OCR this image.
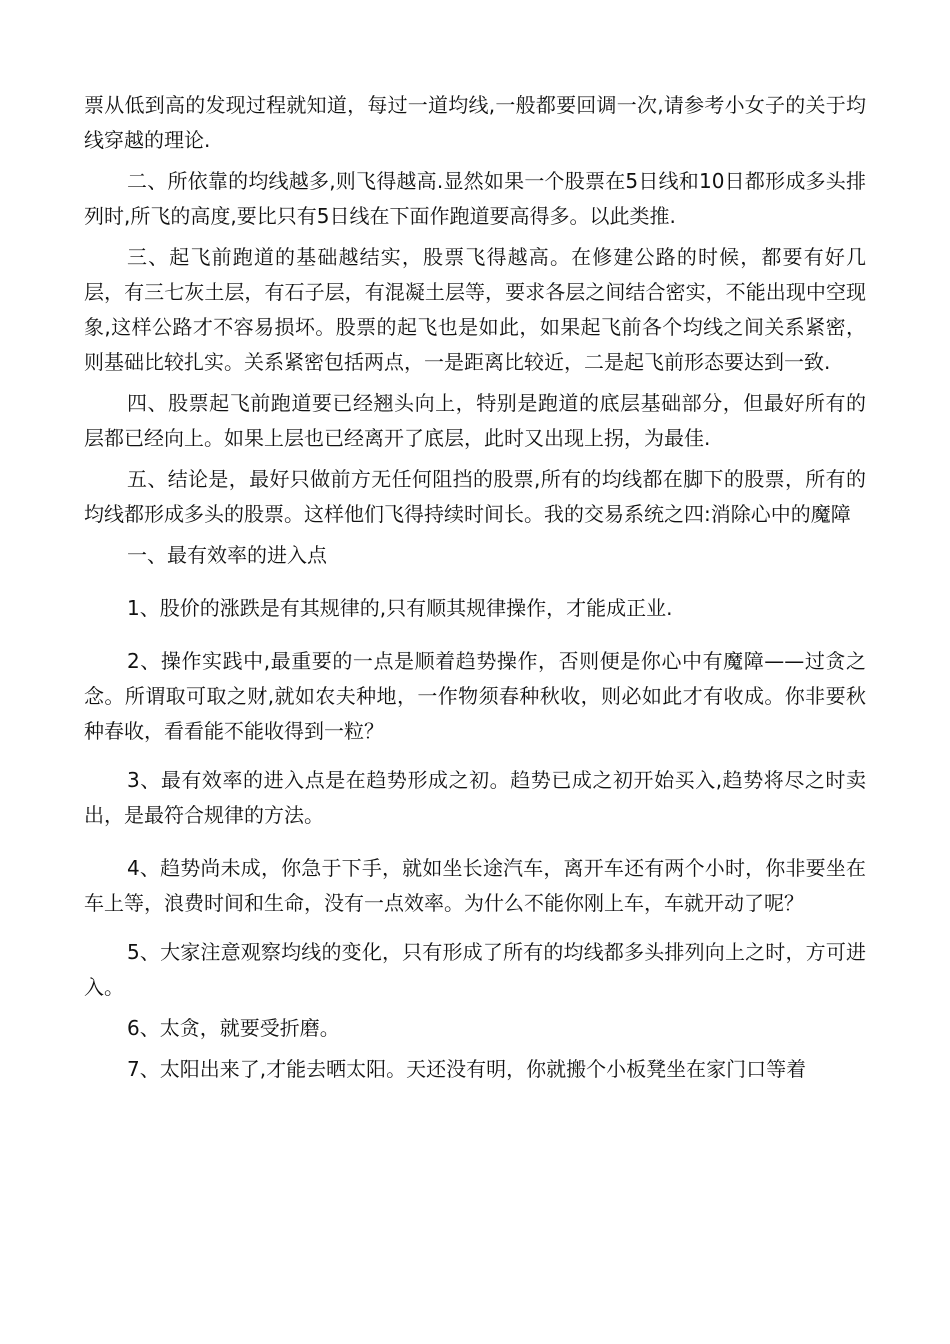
票从低到高的发现过程就知道，每过一道均线,一般都要回调一次,请参考小女子的关于均线穿越的理论.

二、所依靠的均线越多,则飞得越高.显然如果一个股票在5日线和10日都形成多头排列时,所飞的高度,要比只有5日线在下面作跑道要高得多。以此类推.

三、起飞前跑道的基础越结实，股票飞得越高。在修建公路的时候，都要有好几层，有三七灰土层，有石子层，有混凝土层等，要求各层之间结合密实，不能出现中空现象,这样公路才不容易损坏。股票的起飞也是如此，如果起飞前各个均线之间关系紧密，则基础比较扎实。关系紧密包括两点，一是距离比较近，二是起飞前形态要达到一致.

四、股票起飞前跑道要已经翘头向上，特别是跑道的底层基础部分，但最好所有的层都已经向上。如果上层也已经离开了底层，此时又出现上拐，为最佳.

五、结论是，最好只做前方无任何阻挡的股票,所有的均线都在脚下的股票，所有的均线都形成多头的股票。这样他们飞得持续时间长。我的交易系统之四:消除心中的魔障

一、最有效率的进入点

1、股价的涨跌是有其规律的,只有顺其规律操作，才能成正业.

2、操作实践中,最重要的一点是顺着趋势操作，否则便是你心中有魔障——过贪之念。所谓取可取之财,就如农夫种地，一作物须春种秋收，则必如此才有收成。你非要秋种春收，看看能不能收得到一粒？

3、最有效率的进入点是在趋势形成之初。趋势已成之初开始买入,趋势将尽之时卖出，是最符合规律的方法。

4、趋势尚未成，你急于下手，就如坐长途汽车，离开车还有两个小时，你非要坐在车上等，浪费时间和生命，没有一点效率。为什么不能你刚上车，车就开动了呢？

5、大家注意观察均线的变化，只有形成了所有的均线都多头排列向上之时，方可进入。

6、太贪，就要受折磨。

7、太阳出来了,才能去晒太阳。天还没有明，你就搬个小板凳坐在家门口等着
